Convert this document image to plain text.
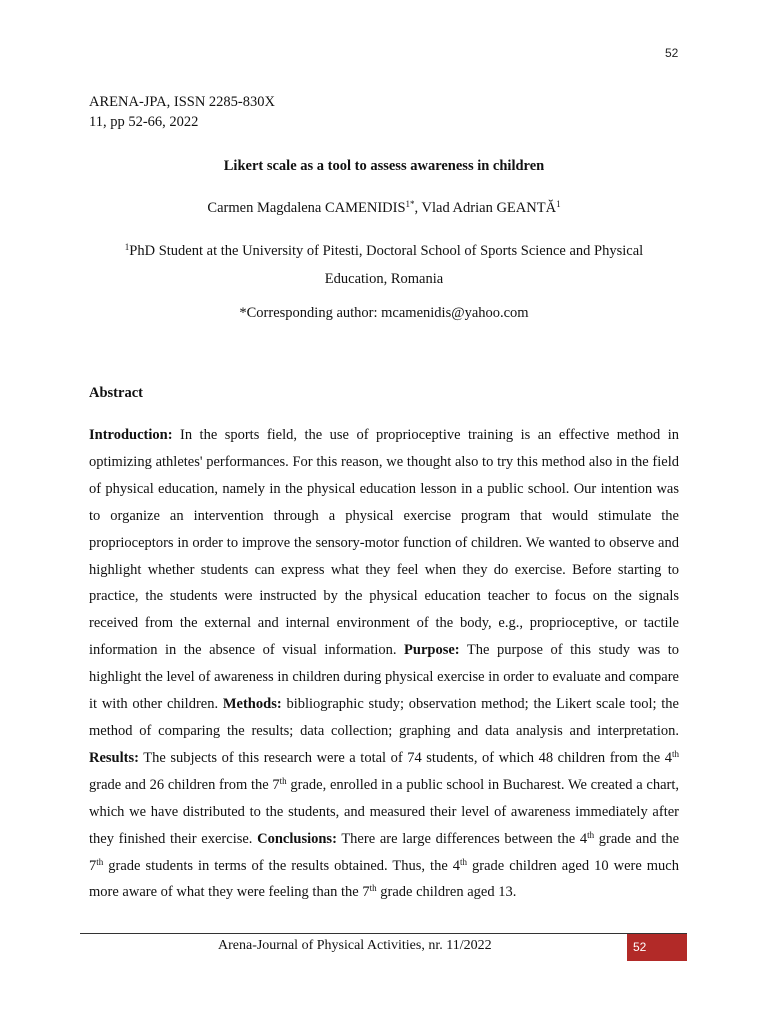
52
ARENA-JPA, ISSN 2285-830X
11, pp 52-66, 2022
Likert scale as a tool to assess awareness in children
Carmen Magdalena $CAMENIDIS^{1*}$, Vlad Adrian GEANTĂ$^1$
$^1$PhD Student at the University of Pitesti, Doctoral School of Sports Science and Physical Education, Romania
*Corresponding author: mcamenidis@yahoo.com
Abstract
Introduction: In the sports field, the use of proprioceptive training is an effective method in optimizing athletes' performances. For this reason, we thought also to try this method also in the field of physical education, namely in the physical education lesson in a public school. Our intention was to organize an intervention through a physical exercise program that would stimulate the proprioceptors in order to improve the sensory-motor function of children. We wanted to observe and highlight whether students can express what they feel when they do exercise. Before starting to practice, the students were instructed by the physical education teacher to focus on the signals received from the external and internal environment of the body, e.g., proprioceptive, or tactile information in the absence of visual information. Purpose: The purpose of this study was to highlight the level of awareness in children during physical exercise in order to evaluate and compare it with other children. Methods: bibliographic study; observation method; the Likert scale tool; the method of comparing the results; data collection; graphing and data analysis and interpretation. Results: The subjects of this research were a total of 74 students, of which 48 children from the 4th grade and 26 children from the 7th grade, enrolled in a public school in Bucharest. We created a chart, which we have distributed to the students, and measured their level of awareness immediately after they finished their exercise. Conclusions: There are large differences between the 4th grade and the 7th grade students in terms of the results obtained. Thus, the 4th grade children aged 10 were much more aware of what they were feeling than the 7th grade children aged 13.
Arena-Journal of Physical Activities, nr. 11/2022	52
